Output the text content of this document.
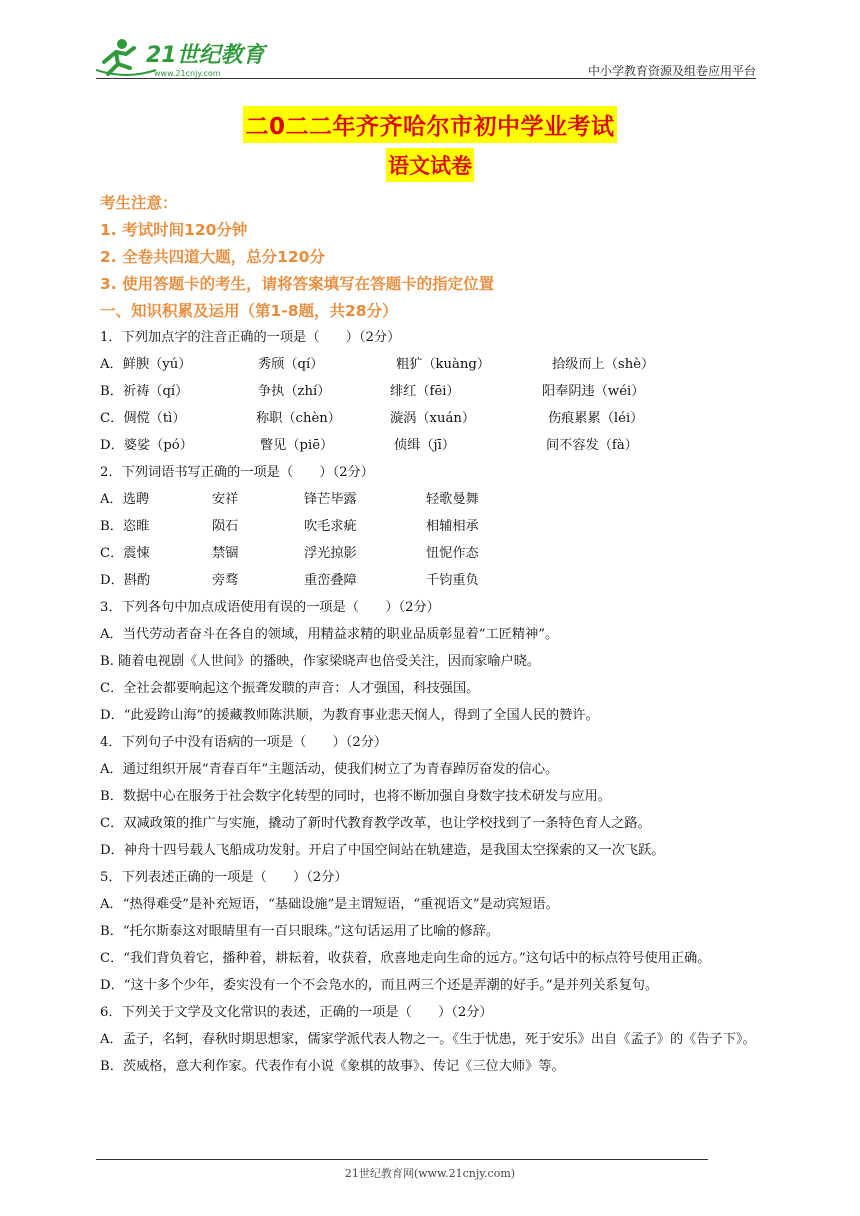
21世纪教育
www.21cnjy.com	中小学教育资源及组卷应用平台
二0二二年齐齐哈尔市初中学业考试
语文试卷
考生注意：
1. 考试时间120分钟
2. 全卷共四道大题，总分120分
3. 使用答题卡的考生，请将答案填写在答题卡的指定位置
一、知识积累及运用（第1-8题，共28分）
1．下列加点字的注音正确的一项是（　　）（2分）
A．鲜腴（yú）	秀颀（qí）	粗犷（kuàng）	拾级而上（shè）
B．祈祷（qí）	争执（zhí）	绯红（fēi）	阳奉阴违（wéi）
C．倜傥（tì）	称职（chèn）	漩涡（xuán）	伤痕累累（léi）
D．婆娑（pó）	瞥见（piē）	侦缉（jī）	间不容发（fà）
2．下列词语书写正确的一项是（　　）（2分）
A．选聘	安祥	锋芒毕露	轻歌曼舞
B．恣睢	陨石	吹毛求疵	相辅相承
C．震悚	禁锢	浮光掠影	忸怩作态
D．斟酌	旁骛	重峦叠障	千钧重负
3．下列各句中加点成语使用有误的一项是（　　）（2分）
A．当代劳动者奋斗在各自的领域，用精益求精的职业品质彰显着“工匠精神”。
B. 随着电视剧《人世间》的播映，作家梁晓声也倍受关注，因而家喻户晓。
C．全社会都要响起这个振聋发聩的声音：人才强国，科技强国。
D．“此爱跨山海”的援藏教师陈洪顺，为教育事业悲天悯人，得到了全国人民的赞许。
4．下列句子中没有语病的一项是（　　）（2分）
A．通过组织开展“青春百年”主题活动，使我们树立了为青春踔厉奋发的信心。
B．数据中心在服务于社会数字化转型的同时，也将不断加强自身数字技术研发与应用。
C．双减政策的推广与实施，撬动了新时代教育教学改革，也让学校找到了一条特色育人之路。
D．神舟十四号载人飞船成功发射。开启了中国空间站在轨建造，是我国太空探索的又一次飞跃。
5．下列表述正确的一项是（　　）（2分）
A．“热得难受”是补充短语，“基础设施”是主谓短语，“重视语文”是动宾短语。
B．“托尔斯泰这对眼睛里有一百只眼珠。”这句话运用了比喻的修辞。
C．“我们背负着它，播种着，耕耘着，收获着，欣喜地走向生命的远方。”这句话中的标点符号使用正确。
D．“这十多个少年，委实没有一个不会凫水的，而且两三个还是弄潮的好手。”是并列关系复句。
6．下列关于文学及文化常识的表述，正确的一项是（　　）（2分）
A．孟子，名轲，春秋时期思想家，儒家学派代表人物之一。《生于忧患，死于安乐》出自《孟子》的《告子下》。
B．茨威格，意大利作家。代表作有小说《象棋的故事》、传记《三位大师》等。
21世纪教育网(www.21cnjy.com)
